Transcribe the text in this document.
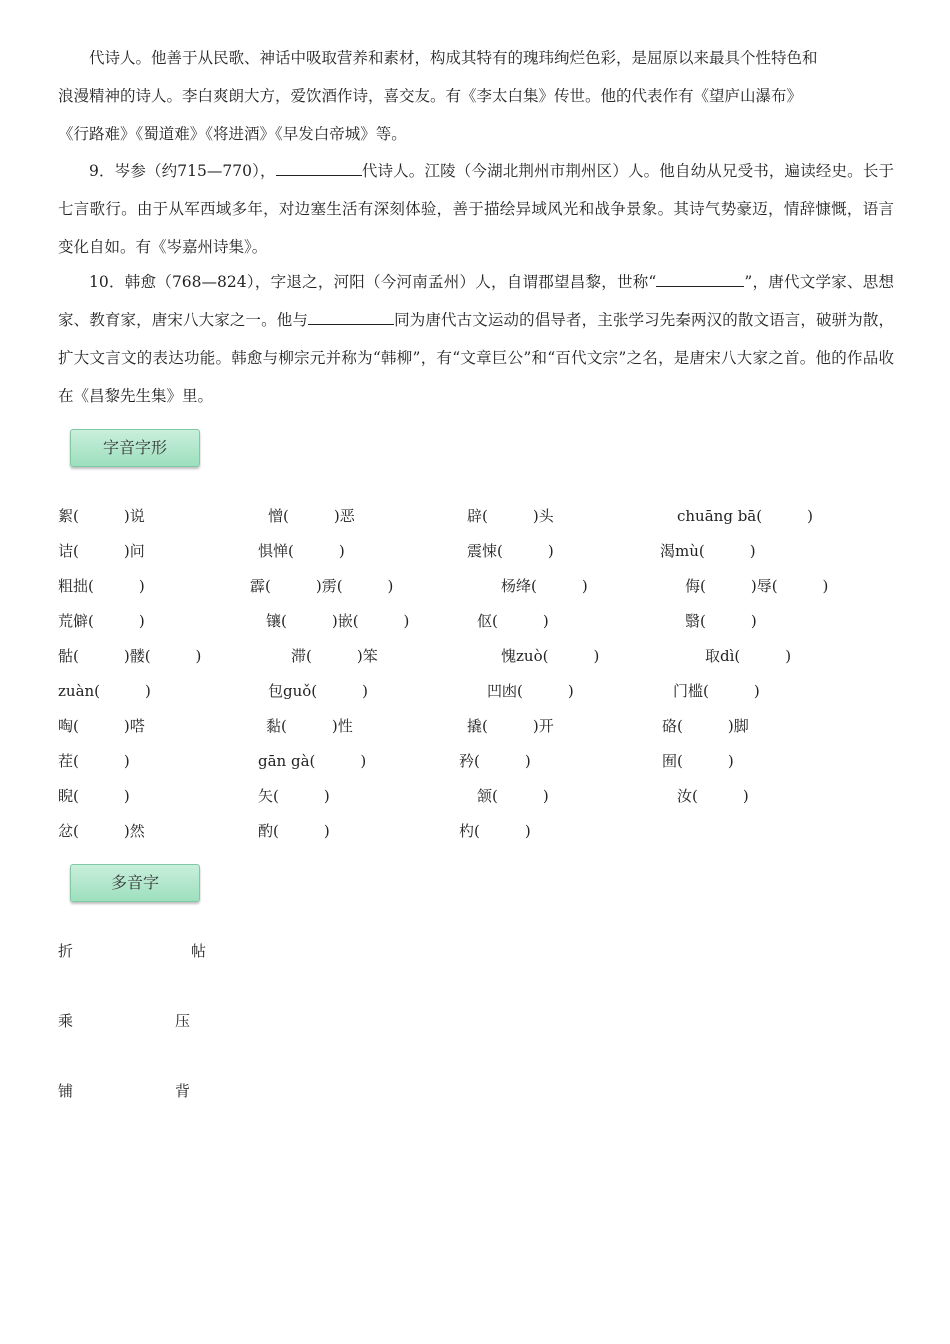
代诗人。他善于从民歌、神话中吸取营养和素材，构成其特有的瑰玮绚烂色彩，是屈原以来最具个性特色和

浪漫精神的诗人。李白爽朗大方，爱饮酒作诗，喜交友。有《李太白集》传世。他的代表作有《望庐山瀑布》

《行路难》《蜀道难》《将进酒》《早发白帝城》等。

9．岑参（约715—770），	代诗人。江陵（今湖北荆州市荆州区）人。他自幼从兄受书，遍读经史。长于七言歌行。由于从军西域多年，对边塞生活有深刻体验，善于描绘异域风光和战争景象。其诗气势豪迈，情辞慷慨，语言变化自如。有《岑嘉州诗集》。

10．韩愈（768—824），字退之，河阳（今河南孟州）人，自谓郡望昌黎，世称“	”，唐代文学家、思想家、教育家，唐宋八大家之一。他与	同为唐代古文运动的倡导者，主张学习先秦两汉的散文语言，破骈为散，扩大文言文的表达功能。韩愈与柳宗元并称为“韩柳”，有“文章巨公”和“百代文宗”之名，是唐宋八大家之首。他的作品收在《昌黎先生集》里。

字音字形
絮(　　　)说	憎(　　　)恶	辟(　　　)头	chuāng bā(　　　)
诘(　　　)问	惧惮(　　　)	震悚(　　　)	渴mù(　　　)
粗拙(　　　)	霹(　　　)雳(　　　)	杨绛(　　　)	侮(　　　)辱(　　　)
荒僻(　　　)	镶(　　　)嵌(　　　)	伛(　　　)	翳(　　　)
骷(　　　)髅(　　　)	滞(　　　)笨	愧zuò(　　　)	取dì(　　　)
zuàn(　　　)	包guǒ(　　　)	凹凼(　　　)	门槛(　　　)
啕(　　　)嗒	黏(　　　)性	撬(　　　)开	硌(　　　)脚
茬(　　　)	gān gà(　　　)	矜(　　　)	囿(　　　)
睨(　　　)	矢(　　　)	颔(　　　)	汝(　　　)
忿(　　　)然	酌(　　　)	杓(　　　)
多音字
折	帖
乘	压
铺	背
